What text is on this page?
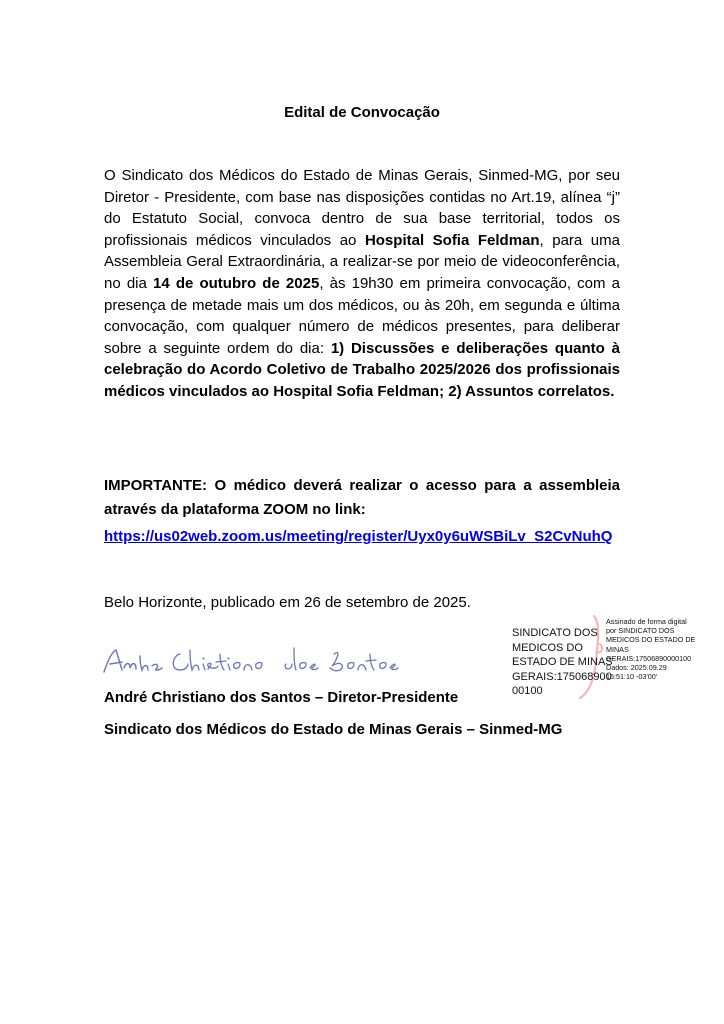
Edital de Convocação
O Sindicato dos Médicos do Estado de Minas Gerais, Sinmed-MG, por seu Diretor - Presidente, com base nas disposições contidas no Art.19, alínea “j” do Estatuto Social, convoca dentro de sua base territorial, todos os profissionais médicos vinculados ao Hospital Sofia Feldman, para uma Assembleia Geral Extraordinária, a realizar-se por meio de videoconferência, no dia 14 de outubro de 2025, às 19h30 em primeira convocação, com a presença de metade mais um dos médicos, ou às 20h, em segunda e última convocação, com qualquer número de médicos presentes, para deliberar sobre a seguinte ordem do dia: 1) Discussões e deliberações quanto à celebração do Acordo Coletivo de Trabalho 2025/2026 dos profissionais médicos vinculados ao Hospital Sofia Feldman; 2) Assuntos correlatos.
IMPORTANTE: O médico deverá realizar o acesso para a assembleia através da plataforma ZOOM no link:
https://us02web.zoom.us/meeting/register/Uyx0y6uWSBiLv_S2CvNuhQ
Belo Horizonte, publicado em 26 de setembro de 2025.
André Christiano dos Santos – Diretor-Presidente
Sindicato dos Médicos do Estado de Minas Gerais – Sinmed-MG
SINDICATO DOS
MEDICOS DO
ESTADO DE MINAS
GERAIS:175068900
00100
Assinado de forma digital
por SINDICATO DOS
MEDICOS DO ESTADO DE
MINAS
GERAIS:17506890000100
Dados: 2025.09.29
15:51:10 -03'00'
